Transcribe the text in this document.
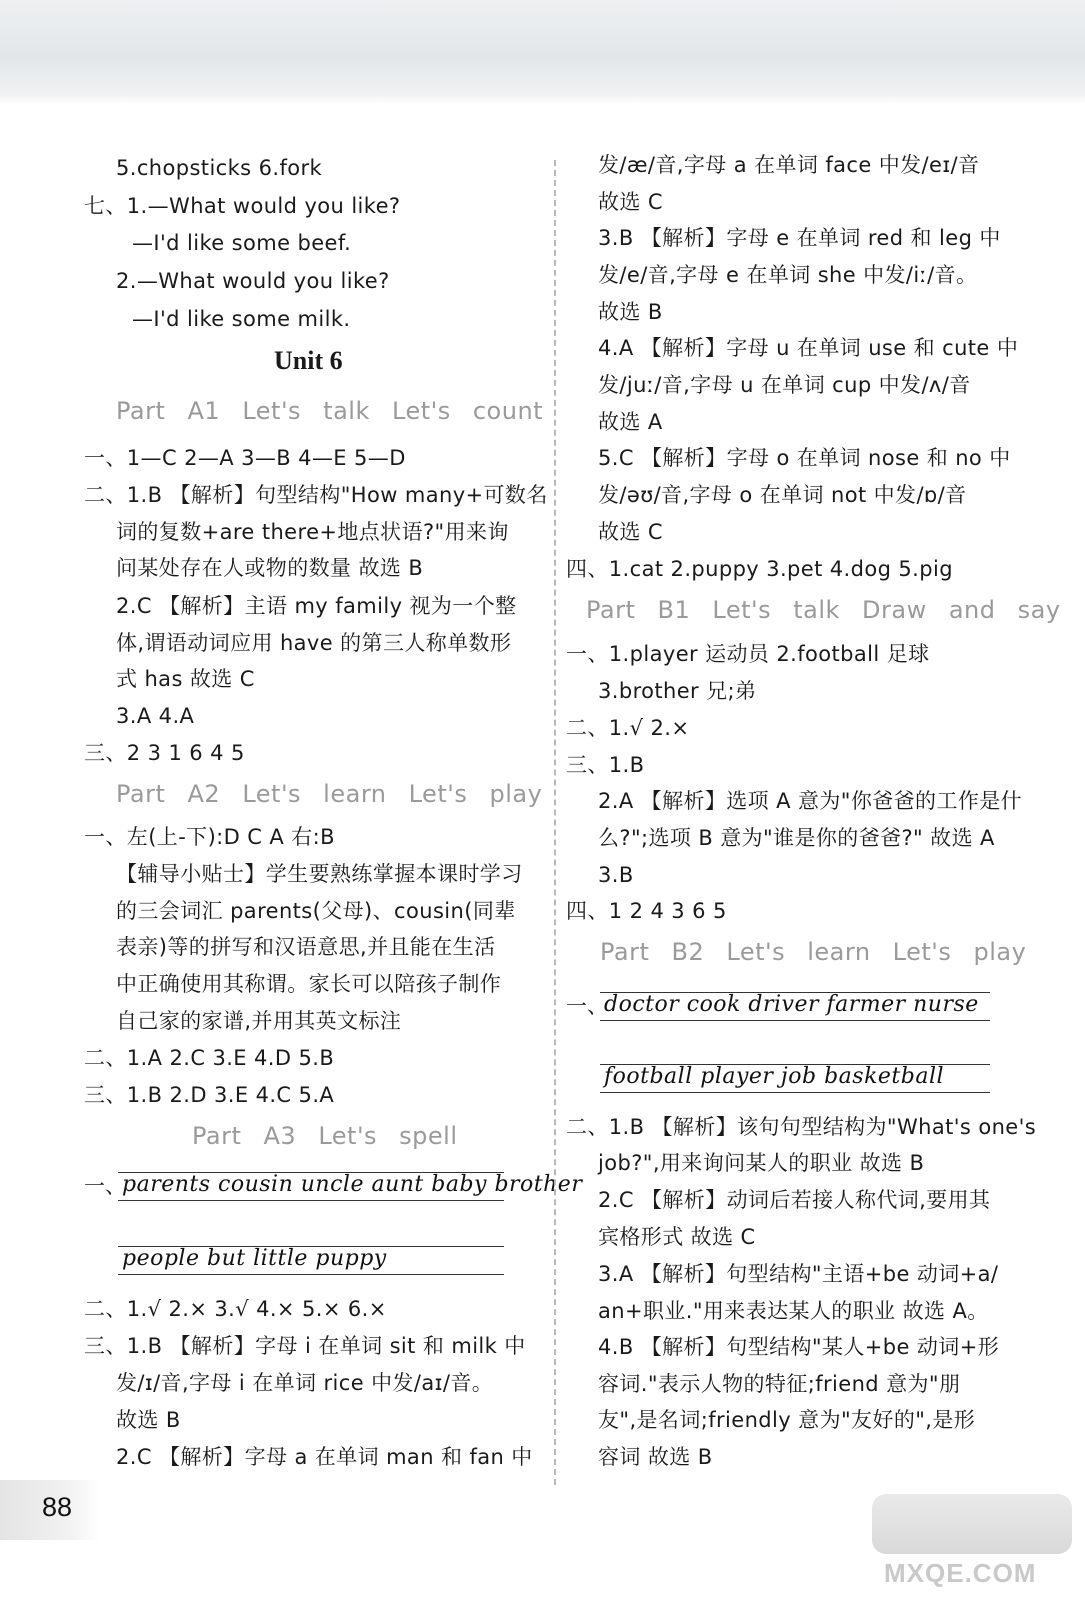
5.chopsticks 6.fork
七、1.—What would you like?
—I'd like some beef.
2.—What would you like?
—I'd like some milk.
Unit 6
Part A1 Let's talk Let's count
一、1—C 2—A 3—B 4—E 5—D
二、1.B 【解析】句型结构"How many+可数名
词的复数+are there+地点状语?"用来询
问某处存在人或物的数量 故选 B
2.C 【解析】主语 my family 视为一个整
体,谓语动词应用 have 的第三人称单数形
式 has 故选 C
3.A 4.A
三、2 3 1 6 4 5
Part A2 Let's learn Let's play
一、左(上-下):D C A 右:B
【辅导小贴士】学生要熟练掌握本课时学习
的三会词汇 parents(父母)、cousin(同辈
表亲)等的拼写和汉语意思,并且能在生活
中正确使用其称谓。家长可以陪孩子制作
自己家的家谱,并用其英文标注
二、1.A 2.C 3.E 4.D 5.B
三、1.B 2.D 3.E 4.C 5.A
Part A3 Let's spell
一、
parents cousin uncle aunt baby brother
people but little puppy
二、1.√ 2.× 3.√ 4.× 5.× 6.×
三、1.B 【解析】字母 i 在单词 sit 和 milk 中
发/ɪ/音,字母 i 在单词 rice 中发/aɪ/音。
故选 B
2.C 【解析】字母 a 在单词 man 和 fan 中
发/æ/音,字母 a 在单词 face 中发/eɪ/音
故选 C
3.B 【解析】字母 e 在单词 red 和 leg 中
发/e/音,字母 e 在单词 she 中发/iː/音。
故选 B
4.A 【解析】字母 u 在单词 use 和 cute 中
发/juː/音,字母 u 在单词 cup 中发/ʌ/音
故选 A
5.C 【解析】字母 o 在单词 nose 和 no 中
发/əʊ/音,字母 o 在单词 not 中发/ɒ/音
故选 C
四、1.cat 2.puppy 3.pet 4.dog 5.pig
Part B1 Let's talk Draw and say
一、1.player 运动员 2.football 足球
3.brother 兄;弟
二、1.√ 2.×
三、1.B
2.A 【解析】选项 A 意为"你爸爸的工作是什
么?";选项 B 意为"谁是你的爸爸?" 故选 A
3.B
四、1 2 4 3 6 5
Part B2 Let's learn Let's play
一、
doctor cook driver farmer nurse
football player job basketball
二、1.B 【解析】该句句型结构为"What's one's
job?",用来询问某人的职业 故选 B
2.C 【解析】动词后若接人称代词,要用其
宾格形式 故选 C
3.A 【解析】句型结构"主语+be 动词+a/
an+职业."用来表达某人的职业 故选 A。
4.B 【解析】句型结构"某人+be 动词+形
容词."表示人物的特征;friend 意为"朋
友",是名词;friendly 意为"友好的",是形
容词 故选 B
88
MXQE.COM
